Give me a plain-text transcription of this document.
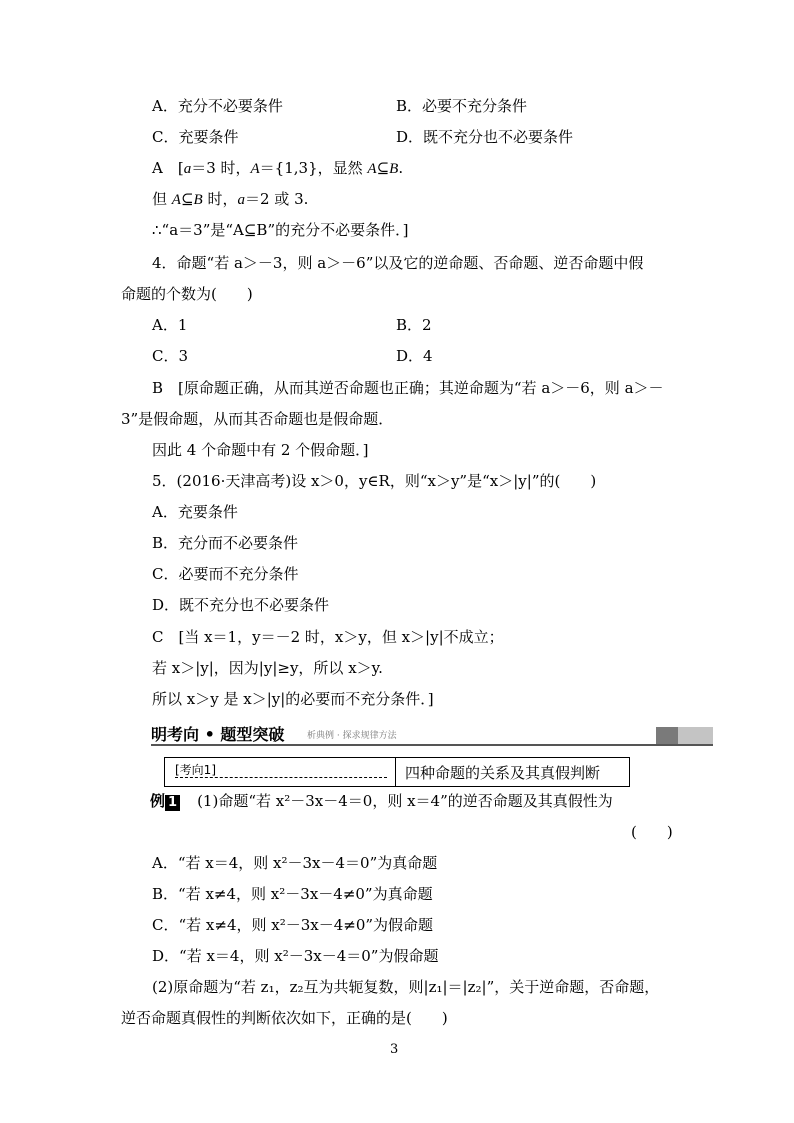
A．充分不必要条件	B．必要不充分条件
C．充要条件	D．既不充分也不必要条件
A　[a＝3 时，A＝{1,3}，显然 A⊆B.
但 A⊆B 时，a＝2 或 3.
∴“a＝3”是“A⊆B”的充分不必要条件．]
4．命题“若 a＞－3，则 a＞－6”以及它的逆命题、否命题、逆否命题中假
命题的个数为(　　)
A．1	B．2
C．3	D．4
B　[原命题正确，从而其逆否命题也正确；其逆命题为“若 a＞－6，则 a＞－
3”是假命题，从而其否命题也是假命题．
因此 4 个命题中有 2 个假命题．]
5．(2016·天津高考)设 x＞0，y∈R，则“x＞y”是“x＞|y|”的(　　)
A．充要条件
B．充分而不必要条件
C．必要而不充分条件
D．既不充分也不必要条件
C　[当 x＝1，y＝－2 时，x＞y，但 x＞|y|不成立；
若 x＞|y|，因为|y|≥y，所以 x＞y.
所以 x＞y 是 x＞|y|的必要而不充分条件．]
明考向 • 题型突破	析典例 · 探求规律方法
[考向1]	四种命题的关系及其真假判断
例 1　 (1)命题“若 x²－3x－4＝0，则 x＝4”的逆否命题及其真假性为
(　　)
A．“若 x＝4，则 x²－3x－4＝0”为真命题
B．“若 x≠4，则 x²－3x－4≠0”为真命题
C．“若 x≠4，则 x²－3x－4≠0”为假命题
D．“若 x＝4，则 x²－3x－4＝0”为假命题
(2)原命题为“若 z₁，z₂互为共轭复数，则|z₁|＝|z₂|”，关于逆命题，否命题，
逆否命题真假性的判断依次如下，正确的是(　　)
3
